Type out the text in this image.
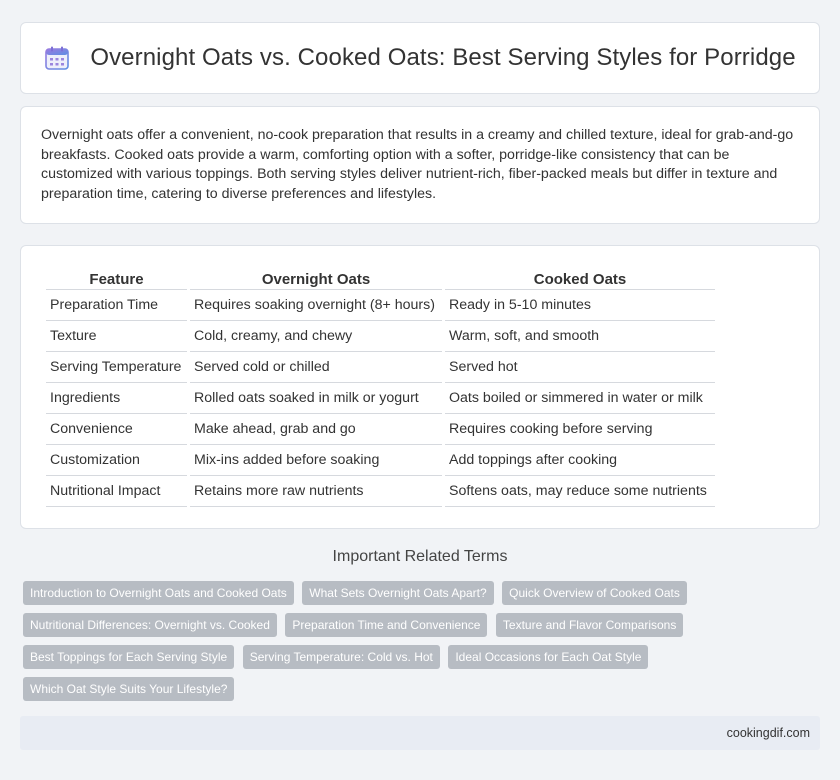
Overnight Oats vs. Cooked Oats: Best Serving Styles for Porridge

Overnight oats offer a convenient, no-cook preparation that results in a creamy and chilled texture, ideal for grab-and-go breakfasts. Cooked oats provide a warm, comforting option with a softer, porridge-like consistency that can be customized with various toppings. Both serving styles deliver nutrient-rich, fiber-packed meals but differ in texture and preparation time, catering to diverse preferences and lifestyles.

Feature	Overnight Oats	Cooked Oats
Preparation Time	Requires soaking overnight (8+ hours)	Ready in 5-10 minutes
Texture	Cold, creamy, and chewy	Warm, soft, and smooth
Serving Temperature	Served cold or chilled	Served hot
Ingredients	Rolled oats soaked in milk or yogurt	Oats boiled or simmered in water or milk
Convenience	Make ahead, grab and go	Requires cooking before serving
Customization	Mix-ins added before soaking	Add toppings after cooking
Nutritional Impact	Retains more raw nutrients	Softens oats, may reduce some nutrients
Important Related Terms
Introduction to Overnight Oats and Cooked Oats What Sets Overnight Oats Apart? Quick Overview of Cooked Oats Nutritional Differences: Overnight vs. Cooked Preparation Time and Convenience Texture and Flavor Comparisons Best Toppings for Each Serving Style Serving Temperature: Cold vs. Hot Ideal Occasions for Each Oat Style Which Oat Style Suits Your Lifestyle?
cookingdif.com
